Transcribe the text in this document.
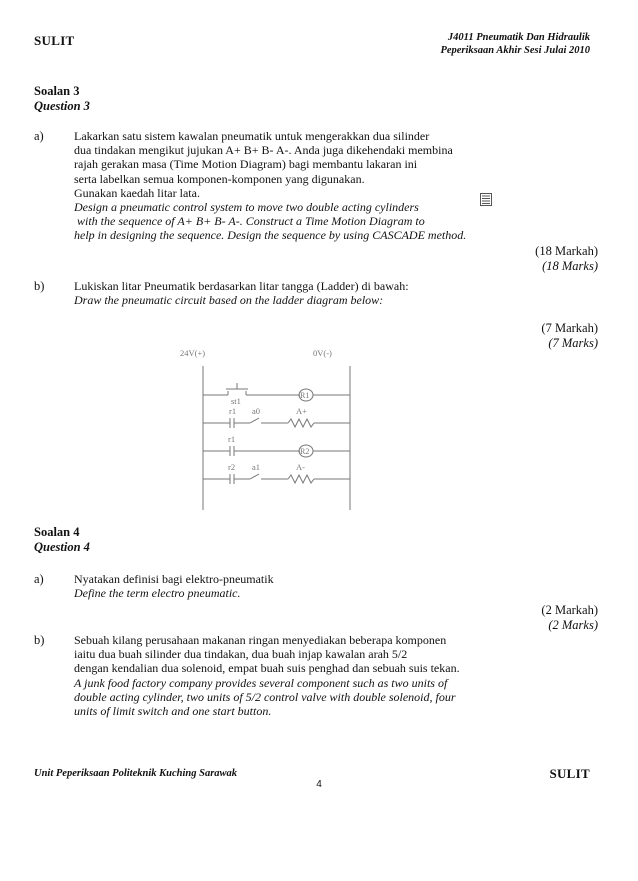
SULIT	J4011 Pneumatik Dan Hidraulik
Peperiksaan Akhir Sesi Julai 2010
Soalan 3
Question 3
a)	Lakarkan satu sistem kawalan pneumatik untuk mengerakkan dua silinder
dua tindakan mengikut jujukan A+ B+ B- A-. Anda juga dikehendaki membina
rajah gerakan masa (Time Motion Diagram) bagi membantu lakaran ini
serta labelkan semua komponen-komponen yang digunakan.
Gunakan kaedah litar lata.
Design a pneumatic control system to move two double acting cylinders
with the sequence of A+ B+ B- A-. Construct a Time Motion Diagram to
help in designing the sequence. Design the sequence by using CASCADE method.
(18 Markah)
(18 Marks)
b) Lukiskan litar Pneumatik berdasarkan litar tangga (Ladder) di bawah:
Draw the pneumatic circuit based on the ladder diagram below:
(7 Markah)
(7 Marks)
24V(+)	0V(-)
st1
r1 a0
r1
r2 a1
R1
A+
R2
A-
Soalan 4
Question 4
a)	Nyatakan definisi bagi elektro-pneumatik
Define the term electro pneumatic.
(2 Markah)
(2 Marks)
b) Sebuah kilang perusahaan makanan ringan menyediakan beberapa komponen
iaitu dua buah silinder dua tindakan, dua buah injap kawalan arah 5/2
dengan kendalian dua solenoid, empat buah suis penghad dan sebuah suis tekan.
A junk food factory company provides several component such as two units of
double acting cylinder, two units of 5/2 control valve with double solenoid, four
units of limit switch and one start button.
Unit Peperiksaan Politeknik Kuching Sarawak	SULIT
4
